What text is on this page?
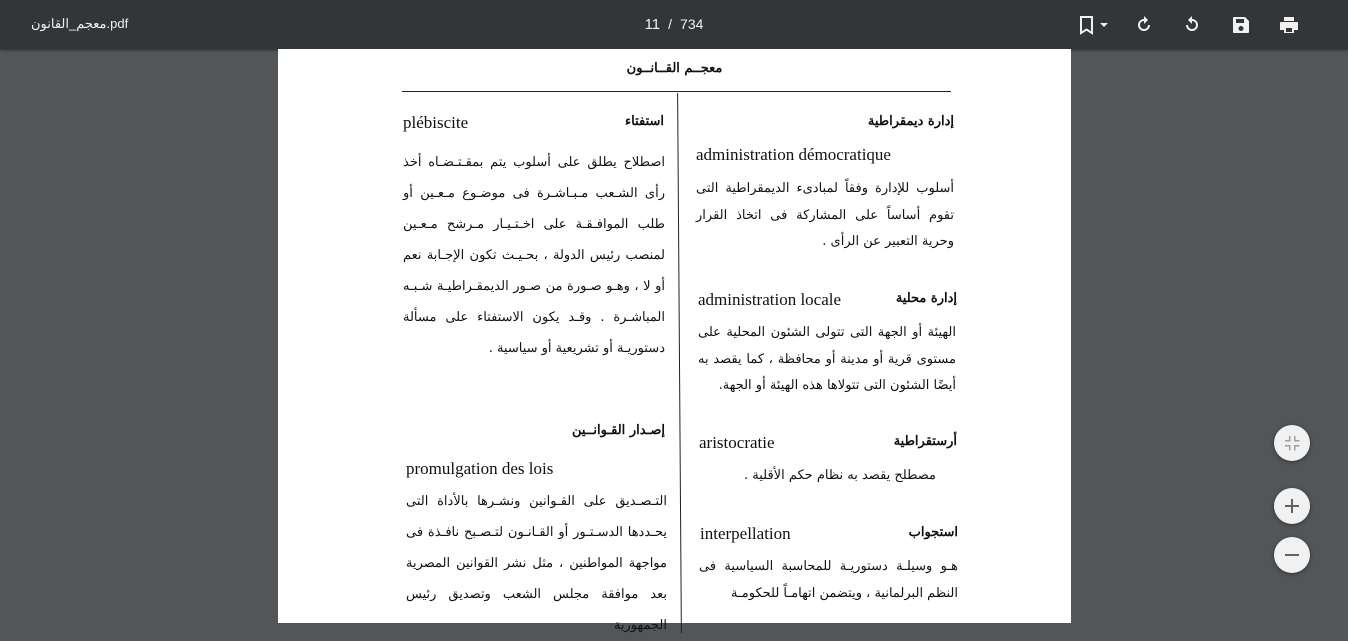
معجم_القانون.pdf	11 / 734
معجــم القــانــون
إدارة ديمقراطية
administration démocratique
أسلوب للإدارة وفقاً لمبادىء الديمقراطية التى تقوم أساساً على المشاركة فى اتخاذ القرار وحرية التعبير عن الرأى .
إدارة محلية
administration locale
الهيئة أو الجهة التى تتولى الشئون المحلية على مستوى قرية أو مدينة أو محافظة ، كما يقصد به أيضًا الشئون التى تتولاها هذه الهيئة أو الجهة.
أرستقراطية
aristocratie
مصطلح يقصد به نظام حكم الأقلية .
استجواب
interpellation
هـو وسيلـة دستوريـة للمحاسبة السياسية فى النظم البرلمانية ، ويتضمن اتهامـاً للحكومـة
استفتاء
plébiscite
اصطلاح يطلق على أسلوب يتم بمقـتـضـاه أخذ رأى الشـعب مـبـاشـرة فى موضـوع مـعـين أو طلب الموافـقـة على اخـتـيـار مـرشح مـعـين لمنصب رئيس الدولة ، بحـيـث تكون الإجـابة نعم أو لا ، وهـو صـورة من صـور الديمقـراطيـة شـبـه المباشـرة . وقـد يكون الاستفتاء على مسألة دستوريـة أو تشريعية أو سياسية .
إصـدار القـوانــين
promulgation des lois
التـصـديق على القـوانين ونشـرها بالأداة التى يحـددها الدسـتـور أو القـانـون لتـصـبح نافـذة فى مواجهة المواطنين ، مثل نشر القوانين المصرية بعد موافقة مجلس الشعب وتصديق رئيس الجمهورية
